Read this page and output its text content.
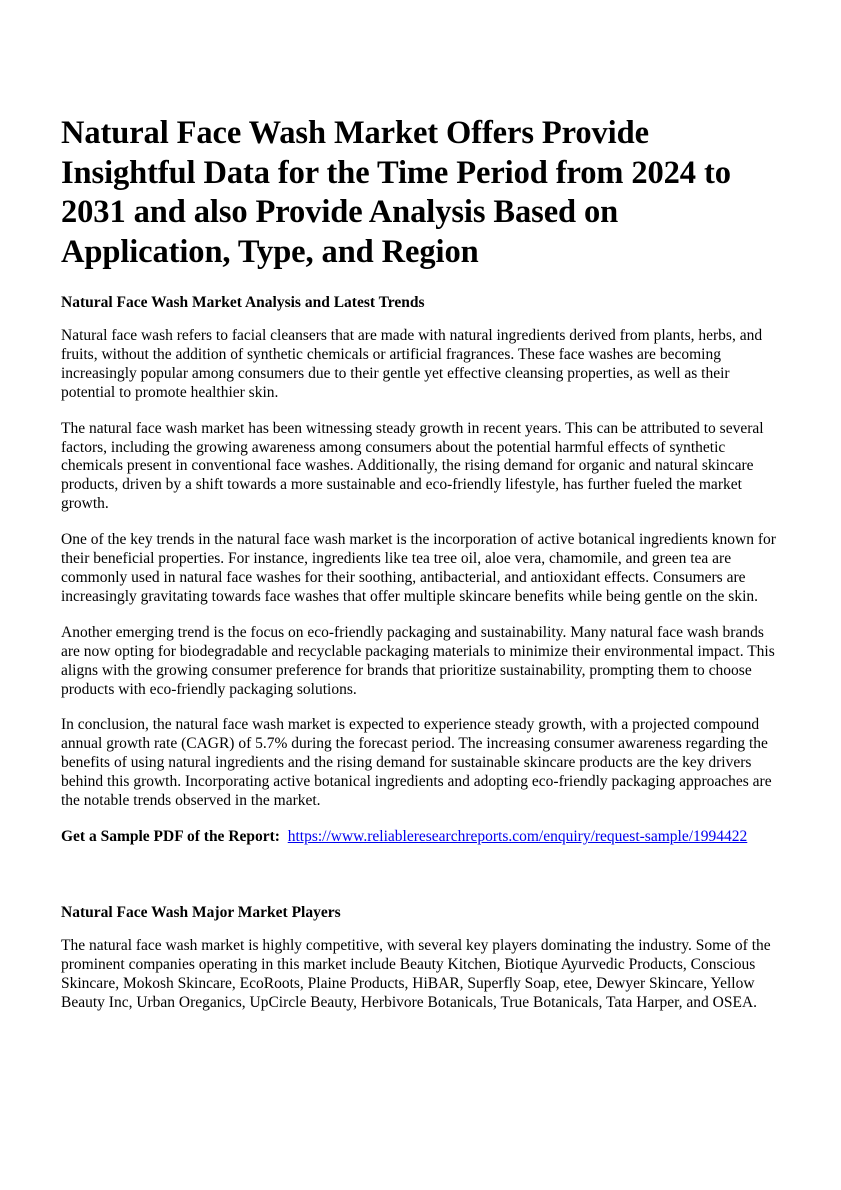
Natural Face Wash Market Offers Provide Insightful Data for the Time Period from 2024 to 2031 and also Provide Analysis Based on Application, Type, and Region
Natural Face Wash Market Analysis and Latest Trends

Natural face wash refers to facial cleansers that are made with natural ingredients derived from plants, herbs, and fruits, without the addition of synthetic chemicals or artificial fragrances. These face washes are becoming increasingly popular among consumers due to their gentle yet effective cleansing properties, as well as their potential to promote healthier skin.

The natural face wash market has been witnessing steady growth in recent years. This can be attributed to several factors, including the growing awareness among consumers about the potential harmful effects of synthetic chemicals present in conventional face washes. Additionally, the rising demand for organic and natural skincare products, driven by a shift towards a more sustainable and eco-friendly lifestyle, has further fueled the market growth.

One of the key trends in the natural face wash market is the incorporation of active botanical ingredients known for their beneficial properties. For instance, ingredients like tea tree oil, aloe vera, chamomile, and green tea are commonly used in natural face washes for their soothing, antibacterial, and antioxidant effects. Consumers are increasingly gravitating towards face washes that offer multiple skincare benefits while being gentle on the skin.

Another emerging trend is the focus on eco-friendly packaging and sustainability. Many natural face wash brands are now opting for biodegradable and recyclable packaging materials to minimize their environmental impact. This aligns with the growing consumer preference for brands that prioritize sustainability, prompting them to choose products with eco-friendly packaging solutions.

In conclusion, the natural face wash market is expected to experience steady growth, with a projected compound annual growth rate (CAGR) of 5.7% during the forecast period. The increasing consumer awareness regarding the benefits of using natural ingredients and the rising demand for sustainable skincare products are the key drivers behind this growth. Incorporating active botanical ingredients and adopting eco-friendly packaging approaches are the notable trends observed in the market.

Get a Sample PDF of the Report: https://www.reliableresearchreports.com/enquiry/request-sample/1994422

Natural Face Wash Major Market Players

The natural face wash market is highly competitive, with several key players dominating the industry. Some of the prominent companies operating in this market include Beauty Kitchen, Biotique Ayurvedic Products, Conscious Skincare, Mokosh Skincare, EcoRoots, Plaine Products, HiBAR, Superfly Soap, etee, Dewyer Skincare, Yellow Beauty Inc, Urban Oreganics, UpCircle Beauty, Herbivore Botanicals, True Botanicals, Tata Harper, and OSEA.
